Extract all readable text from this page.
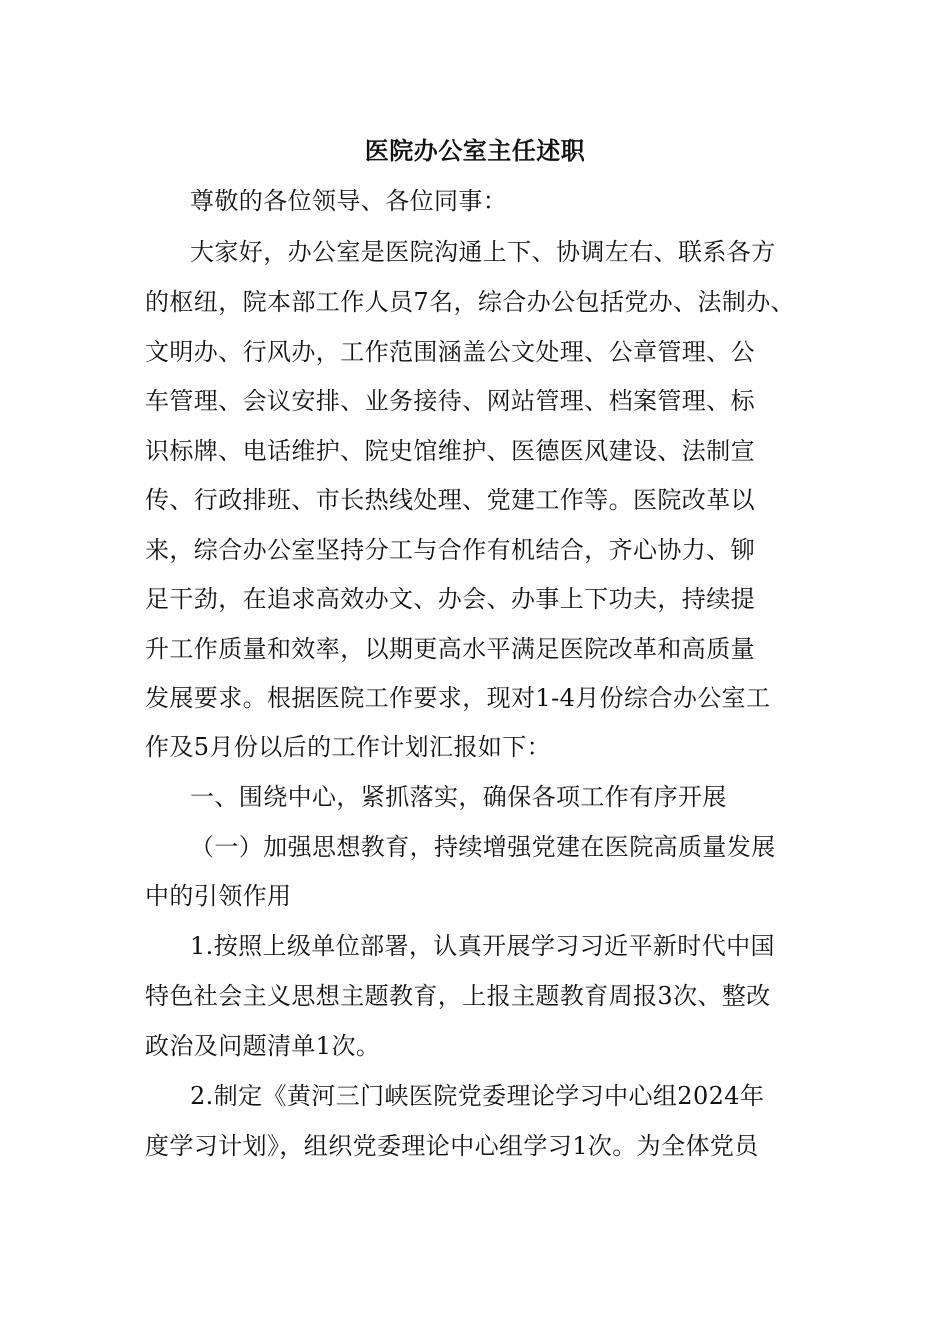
医院办公室主任述职
尊敬的各位领导、各位同事：
大家好，办公室是医院沟通上下、协调左右、联系各方
的枢纽，院本部工作人员7名，综合办公包括党办、法制办、
文明办、行风办，工作范围涵盖公文处理、公章管理、公
车管理、会议安排、业务接待、网站管理、档案管理、标
识标牌、电话维护、院史馆维护、医德医风建设、法制宣
传、行政排班、市长热线处理、党建工作等。医院改革以
来，综合办公室坚持分工与合作有机结合，齐心协力、铆
足干劲，在追求高效办文、办会、办事上下功夫，持续提
升工作质量和效率，以期更高水平满足医院改革和高质量
发展要求。根据医院工作要求，现对1-4月份综合办公室工
作及5月份以后的工作计划汇报如下：
一、围绕中心，紧抓落实，确保各项工作有序开展
（一）加强思想教育，持续增强党建在医院高质量发展
中的引领作用
1.按照上级单位部署，认真开展学习习近平新时代中国
特色社会主义思想主题教育，上报主题教育周报3次、整改
政治及问题清单1次。
2.制定《黄河三门峡医院党委理论学习中心组2024年
度学习计划》，组织党委理论中心组学习1次。为全体党员
